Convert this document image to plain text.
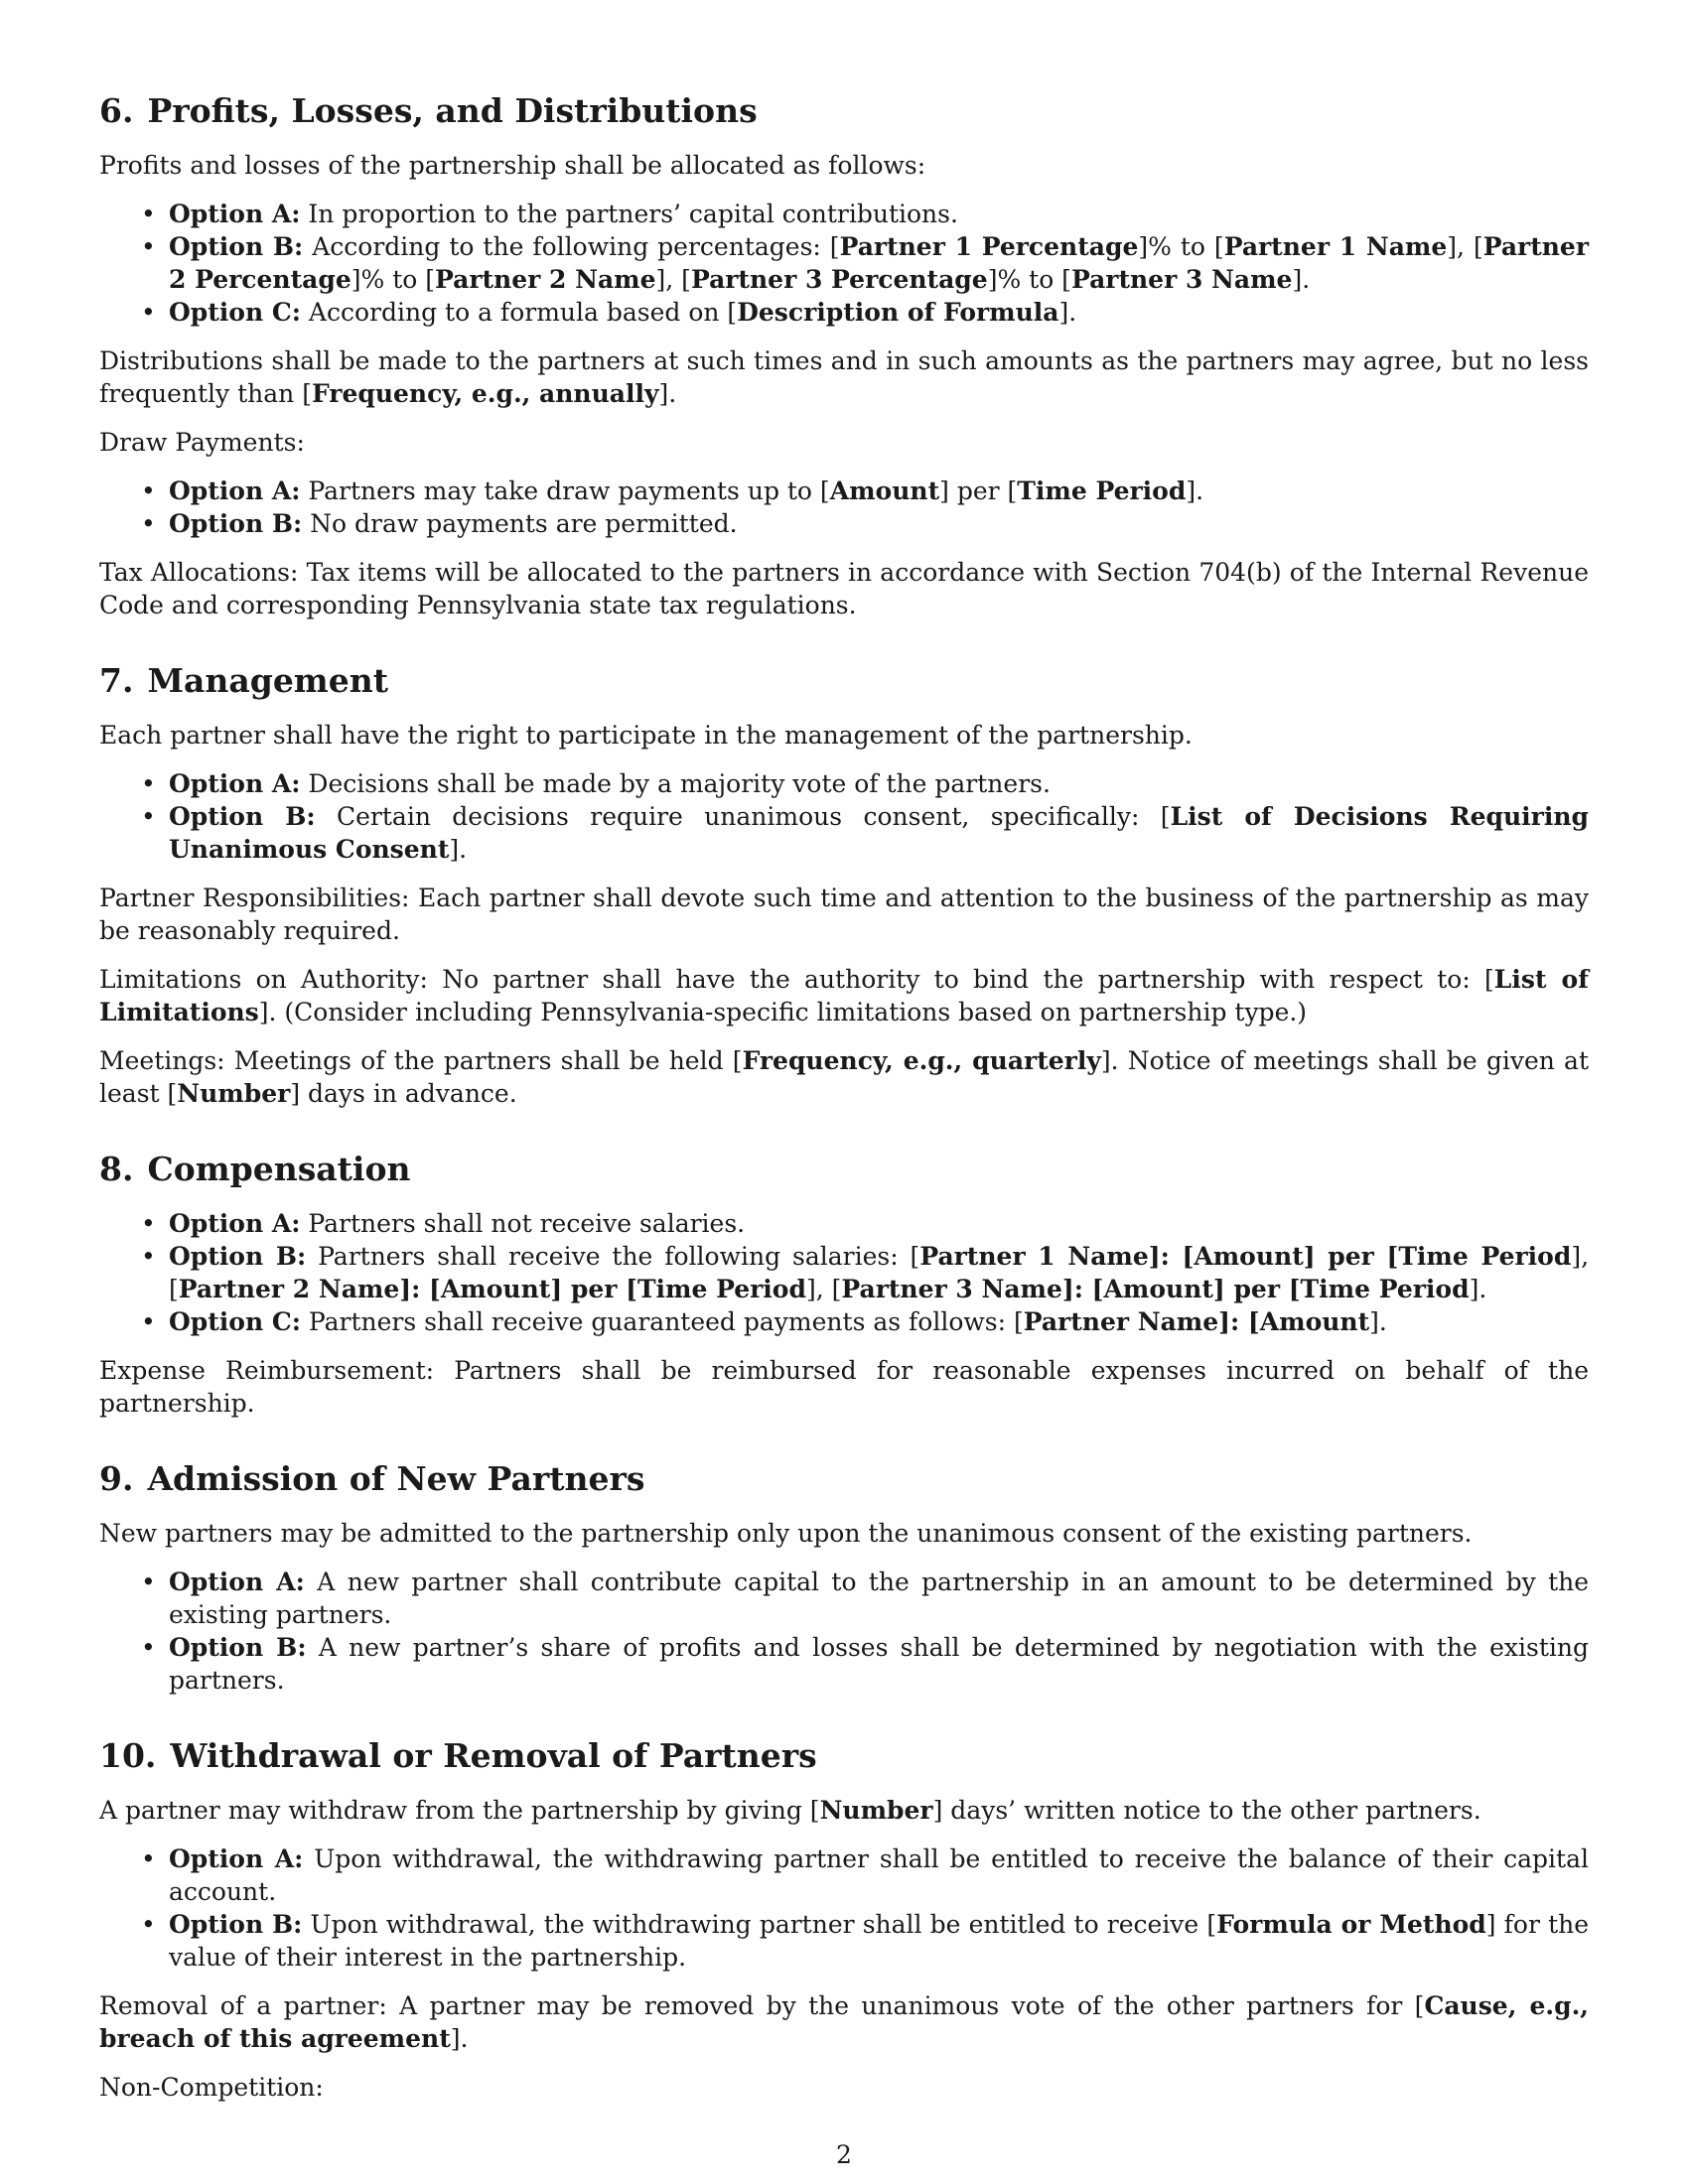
6. Profits, Losses, and Distributions

Profits and losses of the partnership shall be allocated as follows:

• Option A: In proportion to the partners’ capital contributions.
• Option B: According to the following percentages: [Partner 1 Percentage]% to [Partner 1 Name], [Partner 2 Percentage]% to [Partner 2 Name], [Partner 3 Percentage]% to [Partner 3 Name].
• Option C: According to a formula based on [Description of Formula].

Distributions shall be made to the partners at such times and in such amounts as the partners may agree, but no less frequently than [Frequency, e.g., annually].

Draw Payments:

• Option A: Partners may take draw payments up to [Amount] per [Time Period].
• Option B: No draw payments are permitted.

Tax Allocations: Tax items will be allocated to the partners in accordance with Section 704(b) of the Internal Revenue Code and corresponding Pennsylvania state tax regulations.

7. Management

Each partner shall have the right to participate in the management of the partnership.

• Option A: Decisions shall be made by a majority vote of the partners.
• Option B: Certain decisions require unanimous consent, specifically: [List of Decisions Requiring Unanimous Consent].

Partner Responsibilities: Each partner shall devote such time and attention to the business of the partnership as may be reasonably required.

Limitations on Authority: No partner shall have the authority to bind the partnership with respect to: [List of Limitations]. (Consider including Pennsylvania-specific limitations based on partnership type.)

Meetings: Meetings of the partners shall be held [Frequency, e.g., quarterly]. Notice of meetings shall be given at least [Number] days in advance.

8. Compensation
• Option A: Partners shall not receive salaries.
• Option B: Partners shall receive the following salaries: [Partner 1 Name]: [Amount] per [Time Period], [Partner 2 Name]: [Amount] per [Time Period], [Partner 3 Name]: [Amount] per [Time Period].
• Option C: Partners shall receive guaranteed payments as follows: [Partner Name]: [Amount].

Expense Reimbursement: Partners shall be reimbursed for reasonable expenses incurred on behalf of the partnership.

9. Admission of New Partners

New partners may be admitted to the partnership only upon the unanimous consent of the existing partners.

• Option A: A new partner shall contribute capital to the partnership in an amount to be determined by the existing partners.
• Option B: A new partner’s share of profits and losses shall be determined by negotiation with the existing partners.
10. Withdrawal or Removal of Partners

A partner may withdraw from the partnership by giving [Number] days’ written notice to the other partners.

• Option A: Upon withdrawal, the withdrawing partner shall be entitled to receive the balance of their capital account.
• Option B: Upon withdrawal, the withdrawing partner shall be entitled to receive [Formula or Method] for the value of their interest in the partnership.

Removal of a partner: A partner may be removed by the unanimous vote of the other partners for [Cause, e.g., breach of this agreement].

Non-Competition:

2
